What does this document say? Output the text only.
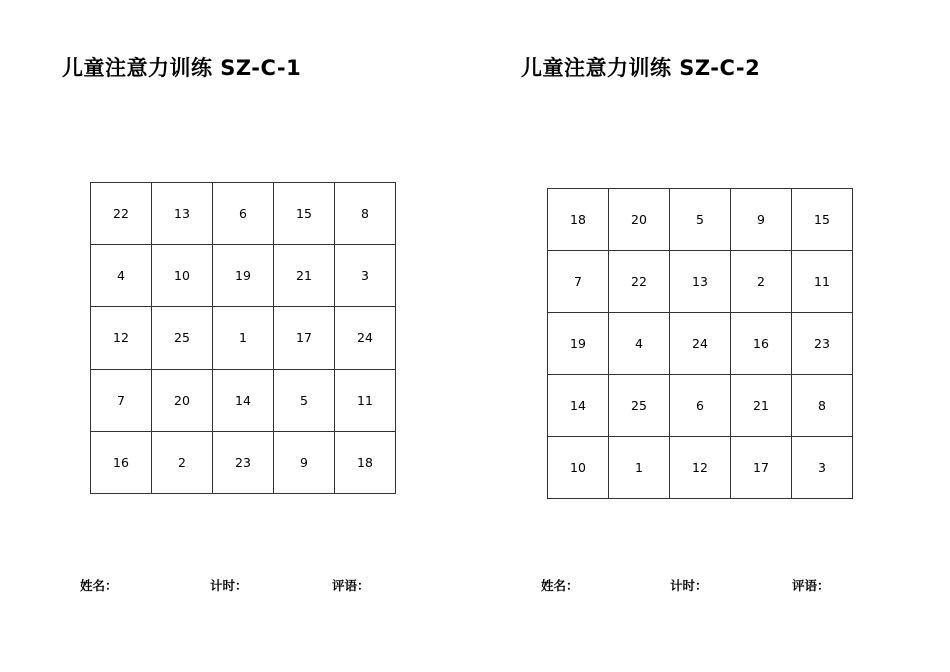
儿童注意力训练 SZ-C-1	儿童注意力训练 SZ-C-2
22	13	6	15	8
4	10	19	21	3
12	25	1	17	24
7	20	14	5	11
16	2	23	9	18
18	20	5	9	15
7	22	13	2	11
19	4	24	16	23
14	25	6	21	8
10	1	12	17	3
姓名：	计时：	评语：	姓名：	计时：	评语：
